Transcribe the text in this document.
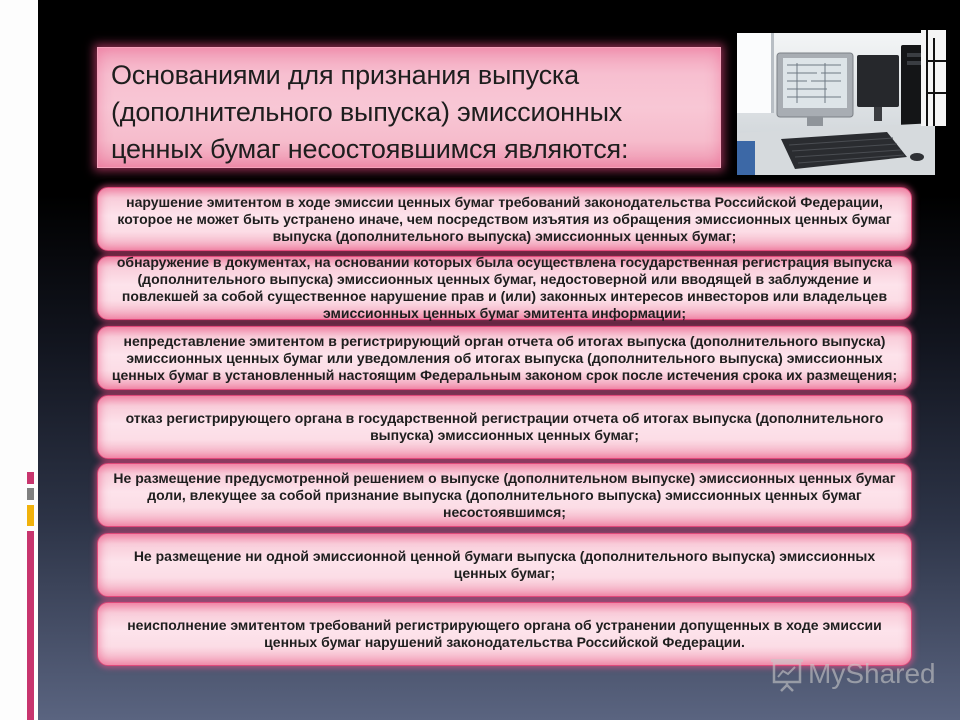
Основаниями для признания выпуска
(дополнительного выпуска) эмиссионных
ценных бумаг несостоявшимся являются:
нарушение эмитентом в ходе эмиссии ценных бумаг требований законодательства Российской Федерации,
которое не может быть устранено иначе, чем посредством изъятия из обращения эмиссионных ценных бумаг
выпуска (дополнительного выпуска) эмиссионных ценных бумаг;
обнаружение в документах, на основании которых была осуществлена государственная регистрация выпуска
(дополнительного выпуска) эмиссионных ценных бумаг, недостоверной или вводящей в заблуждение и
повлекшей за собой существенное нарушение прав и (или) законных интересов инвесторов или владельцев
эмиссионных ценных бумаг эмитента информации;
непредставление эмитентом в регистрирующий орган отчета об итогах выпуска (дополнительного выпуска)
эмиссионных ценных бумаг или уведомления об итогах выпуска (дополнительного выпуска) эмиссионных
ценных бумаг в установленный настоящим Федеральным законом срок после истечения срока их размещения;
отказ регистрирующего органа в государственной регистрации отчета об итогах выпуска (дополнительного
выпуска) эмиссионных ценных бумаг;
Не размещение предусмотренной решением о выпуске (дополнительном выпуске) эмиссионных ценных бумаг
доли, влекущее за собой признание выпуска (дополнительного выпуска) эмиссионных ценных бумаг
несостоявшимся;
Не размещение ни одной эмиссионной ценной бумаги выпуска (дополнительного выпуска) эмиссионных
ценных бумаг;
неисполнение эмитентом требований регистрирующего органа об устранении допущенных в ходе эмиссии
ценных бумаг нарушений законодательства Российской Федерации.
MyShared
